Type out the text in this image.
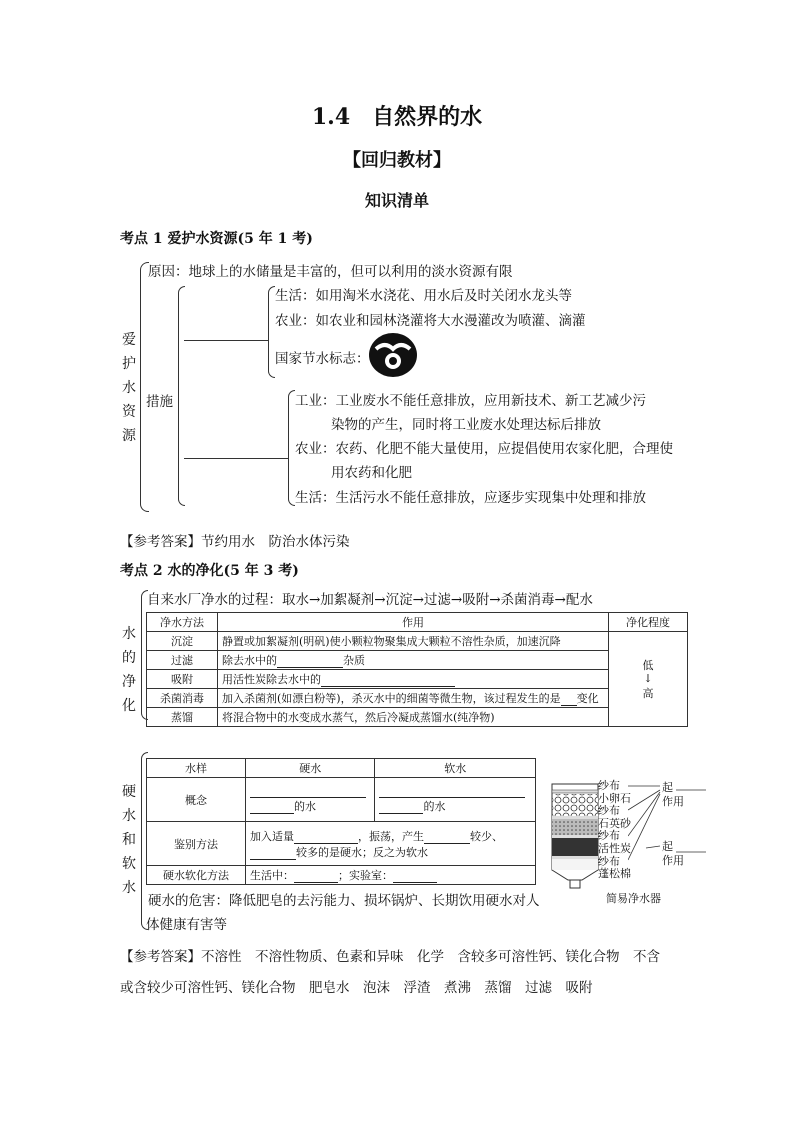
1.4　自然界的水
【回归教材】
知识清单
考点 1 爱护水资源(5 年 1 考)
爱
护
水
资
源
原因：地球上的水储量是丰富的，但可以利用的淡水资源有限
措施
生活：如用淘米水浇花、用水后及时关闭水龙头等
农业：如农业和园林浇灌将大水漫灌改为喷灌、滴灌
国家节水标志：
工业：工业废水不能任意排放，应用新技术、新工艺减少污
染物的产生，同时将工业废水处理达标后排放
农业：农药、化肥不能大量使用，应提倡使用农家化肥，合理使
用农药和化肥
生活：生活污水不能任意排放，应逐步实现集中处理和排放
【参考答案】节约用水　防治水体污染
考点 2 水的净化(5 年 3 考)
水
的
净
化
自来水厂净水的过程：取水→加絮凝剂→沉淀→过滤→吸附→杀菌消毒→配水
净水方法	作用	净化程度
沉淀	静置或加絮凝剂(明矾)使小颗粒物聚集成大颗粒不溶性杂质，加速沉降	低
↓
高

过滤	除去水中的 杂质	
吸附	用活性炭除去水中的	
杀菌消毒	加入杀菌剂(如漂白粉等)，杀灭水中的细菌等微生物，该过程发生的是 变化	
蒸馏	将混合物中的水变成水蒸气，然后冷凝成蒸馏水(纯净物)	
硬
水
和
软
水
水样	硬水	软水
概念	的水	的水

鉴别方法	加入适量 ，振荡，产生 较少、
较多的是硬水；反之为软水	

硬水软化方法	生活中： ；实验室：	
硬水的危害：降低肥皂的去污能力、损坏锅炉、长期饮用硬水对人
体健康有害等
纱布
小卵石
纱布
石英砂
纱布
活性炭
纱布
蓬松棉
起
作用
起
作用
简易净水器
【参考答案】不溶性　不溶性物质、色素和异味　化学　含较多可溶性钙、镁化合物　不含
或含较少可溶性钙、镁化合物　肥皂水　泡沫　浮渣　煮沸　蒸馏　过滤　吸附
